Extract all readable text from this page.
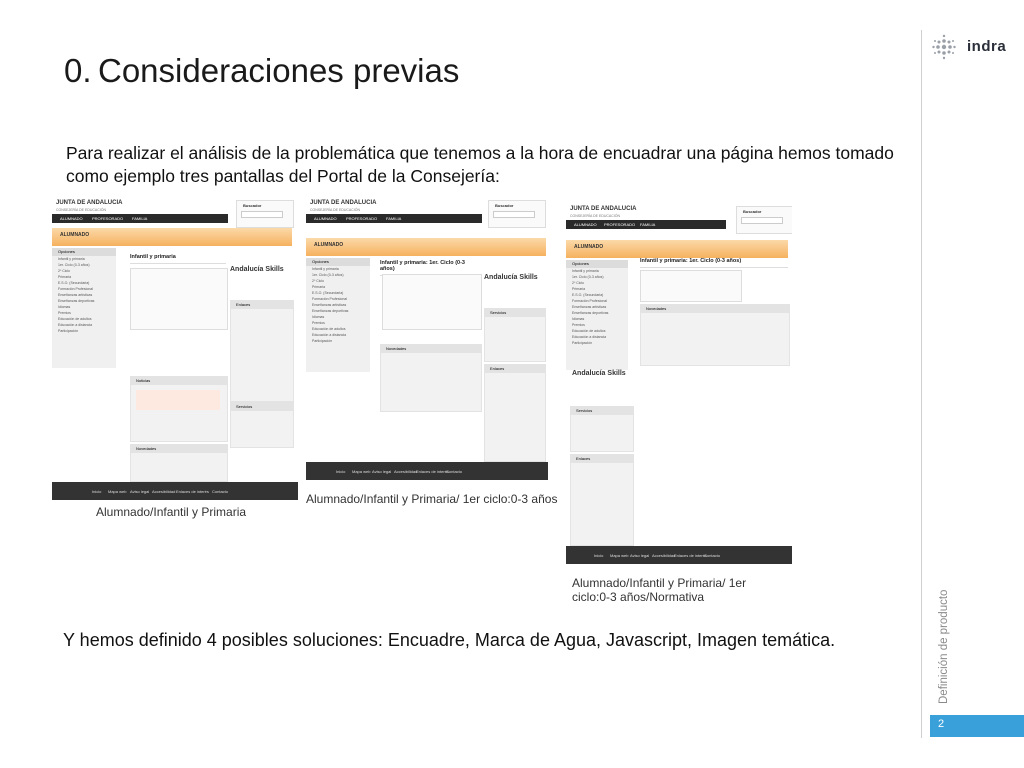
0. Consideraciones previas
indra
Para realizar el análisis de la problemática que tenemos a la hora de encuadrar una página hemos tomado como ejemplo tres pantallas del Portal de la Consejería:
JUNTA DE ANDALUCIA
CONSEJERÍA DE EDUCACIÓN
ALUMNADO PROFESORADO FAMILIA
Buscador
ALUMNADO
Opciones
Infantil y primaria
1er. Ciclo (0-3 años)
2º Ciclo
Primaria
E.S.O. (Secundaria)
Formación Profesional
Enseñanzas artísticas
Enseñanzas deportivas
Idiomas
Premios
Educación de adultos
Educación a distancia
Participación
Infantil y primaria
Andalucía Skills
Enlaces
Servicios
Noticias
Novedades
Inicio Mapa web Aviso legal Accesibilidad Enlaces de interés Contacto
Alumnado/Infantil y Primaria
JUNTA DE ANDALUCIA
CONSEJERÍA DE EDUCACIÓN
ALUMNADO PROFESORADO FAMILIA
Buscador
ALUMNADO
Opciones
Infantil y primaria
1er. Ciclo (0-3 años)
2º Ciclo
Primaria
E.S.O. (Secundaria)
Formación Profesional
Enseñanzas artísticas
Enseñanzas deportivas
Idiomas
Premios
Educación de adultos
Educación a distancia
Participación
Infantil y primaria: 1er. Ciclo (0-3 años)
Andalucía Skills
Servicios
Enlaces
Novedades
Inicio Mapa web Aviso legal Accesibilidad
Enlaces de interés
Contacto
Alumnado/Infantil y Primaria/ 1er ciclo:0-3 años
JUNTA DE ANDALUCIA
CONSEJERÍA DE EDUCACIÓN
ALUMNADO PROFESORADO FAMILIA
Buscador
ALUMNADO
Opciones
Infantil y primaria
1er. Ciclo (0-3 años)
2º Ciclo
Primaria
E.S.O. (Secundaria)
Formación Profesional
Enseñanzas artísticas
Enseñanzas deportivas
Idiomas
Premios
Educación de adultos
Educación a distancia
Participación
Infantil y primaria: 1er. Ciclo (0-3 años)
Novedades
Andalucía Skills
Servicios
Enlaces
Inicio Mapa web Aviso legal Accesibilidad
Enlaces de interés
Contacto
Alumnado/Infantil y Primaria/ 1er ciclo:0-3 años/Normativa
Y hemos definido 4 posibles soluciones: Encuadre, Marca de Agua, Javascript, Imagen temática.	Definición de producto
2
